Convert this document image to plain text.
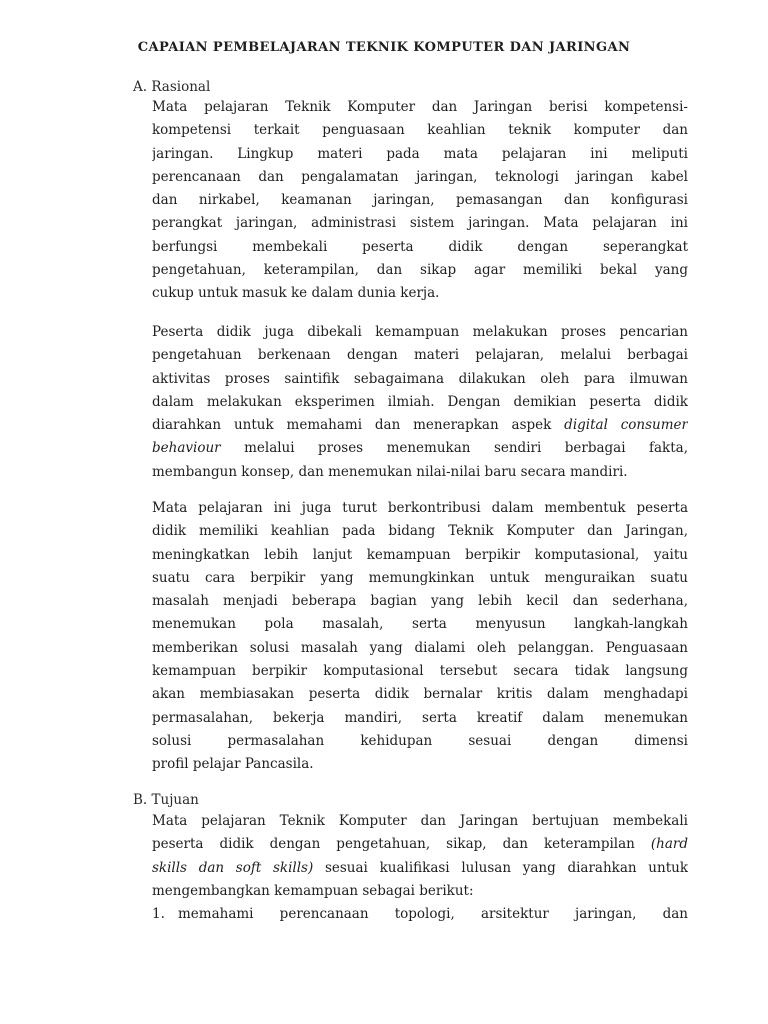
CAPAIAN PEMBELAJARAN TEKNIK KOMPUTER DAN JARINGAN
A. Rasional
Mata pelajaran Teknik Komputer dan Jaringan berisi kompetensi-
kompetensi terkait penguasaan keahlian teknik komputer dan
jaringan. Lingkup materi pada mata pelajaran ini meliputi
perencanaan dan pengalamatan jaringan, teknologi jaringan kabel
dan nirkabel, keamanan jaringan, pemasangan dan konfigurasi
perangkat jaringan, administrasi sistem jaringan. Mata pelajaran ini
berfungsi membekali peserta didik dengan seperangkat
pengetahuan, keterampilan, dan sikap agar memiliki bekal yang
cukup untuk masuk ke dalam dunia kerja.
Peserta didik juga dibekali kemampuan melakukan proses pencarian
pengetahuan berkenaan dengan materi pelajaran, melalui berbagai
aktivitas proses saintifik sebagaimana dilakukan oleh para ilmuwan
dalam melakukan eksperimen ilmiah. Dengan demikian peserta didik
diarahkan untuk memahami dan menerapkan aspek digital consumer
behaviour melalui proses menemukan sendiri berbagai fakta,
membangun konsep, dan menemukan nilai-nilai baru secara mandiri.
Mata pelajaran ini juga turut berkontribusi dalam membentuk peserta
didik memiliki keahlian pada bidang Teknik Komputer dan Jaringan,
meningkatkan lebih lanjut kemampuan berpikir komputasional, yaitu
suatu cara berpikir yang memungkinkan untuk menguraikan suatu
masalah menjadi beberapa bagian yang lebih kecil dan sederhana,
menemukan pola masalah, serta menyusun langkah-langkah
memberikan solusi masalah yang dialami oleh pelanggan. Penguasaan
kemampuan berpikir komputasional tersebut secara tidak langsung
akan membiasakan peserta didik bernalar kritis dalam menghadapi
permasalahan, bekerja mandiri, serta kreatif dalam menemukan
solusi permasalahan kehidupan sesuai dengan dimensi
profil pelajar Pancasila.
B. Tujuan
Mata pelajaran Teknik Komputer dan Jaringan bertujuan membekali
peserta didik dengan pengetahuan, sikap, dan keterampilan (hard
skills dan soft skills) sesuai kualifikasi lulusan yang diarahkan untuk
mengembangkan kemampuan sebagai berikut:
1. memahami perencanaan topologi, arsitektur jaringan, dan
